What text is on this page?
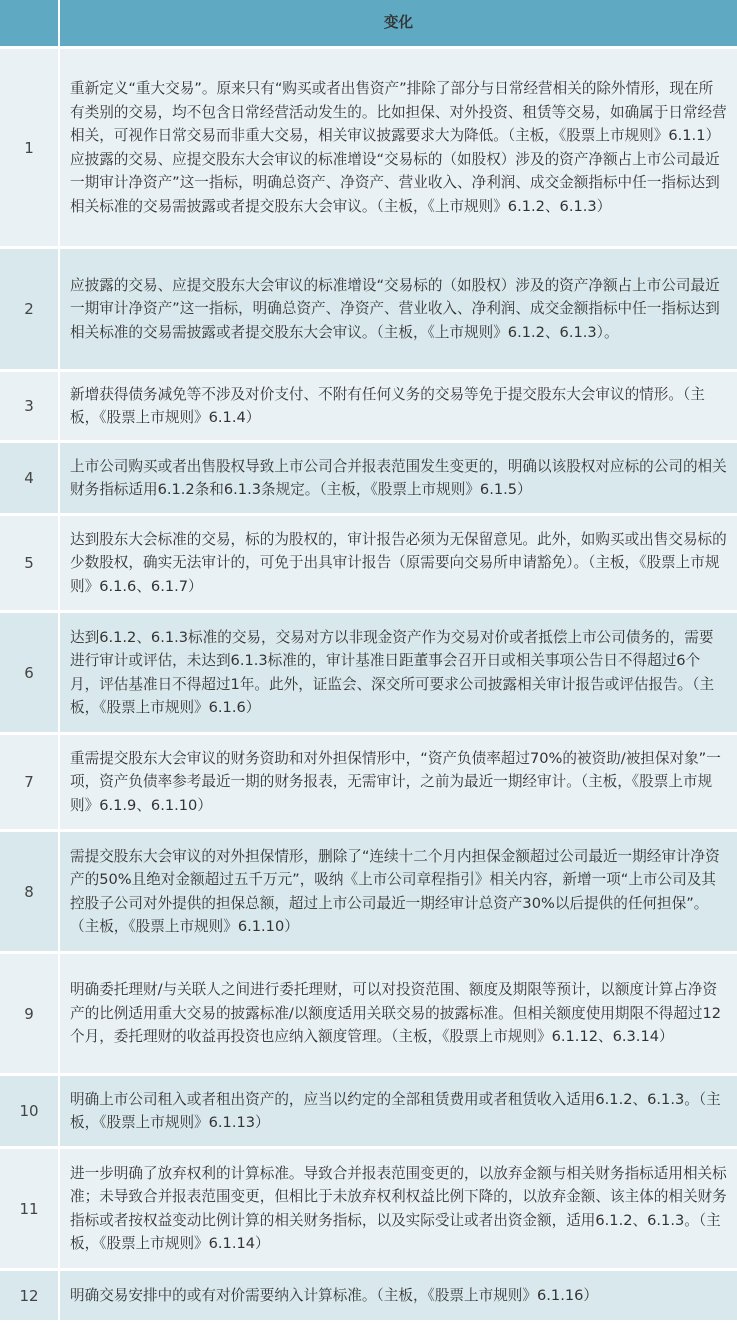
变化
1
重新定义“重大交易”。原来只有“购买或者出售资产”排除了部分与日常经营相关的除外情形，现在所有类别的交易，均不包含日常经营活动发生的。比如担保、对外投资、租赁等交易，如确属于日常经营相关，可视作日常交易而非重大交易，相关审议披露要求大为降低。（主板，《股票上市规则》6.1.1）应披露的交易、应提交股东大会审议的标准增设“交易标的（如股权）涉及的资产净额占上市公司最近一期审计净资产”这一指标，明确总资产、净资产、营业收入、净利润、成交金额指标中任一指标达到相关标准的交易需披露或者提交股东大会审议。（主板，《上市规则》6.1.2、6.1.3）
2
应披露的交易、应提交股东大会审议的标准增设“交易标的（如股权）涉及的资产净额占上市公司最近一期审计净资产”这一指标，明确总资产、净资产、营业收入、净利润、成交金额指标中任一指标达到相关标准的交易需披露或者提交股东大会审议。（主板，《上市规则》6.1.2、6.1.3）。
3
新增获得债务减免等不涉及对价支付、不附有任何义务的交易等免于提交股东大会审议的情形。（主板，《股票上市规则》6.1.4）
4
上市公司购买或者出售股权导致上市公司合并报表范围发生变更的，明确以该股权对应标的公司的相关财务指标适用6.1.2条和6.1.3条规定。（主板，《股票上市规则》6.1.5）
5
达到股东大会标准的交易，标的为股权的，审计报告必须为无保留意见。此外，如购买或出售交易标的少数股权，确实无法审计的，可免于出具审计报告（原需要向交易所申请豁免）。（主板，《股票上市规则》6.1.6、6.1.7）
6
达到6.1.2、6.1.3标准的交易，交易对方以非现金资产作为交易对价或者抵偿上市公司债务的，需要进行审计或评估，未达到6.1.3标准的，审计基准日距董事会召开日或相关事项公告日不得超过6个月，评估基准日不得超过1年。此外，证监会、深交所可要求公司披露相关审计报告或评估报告。（主板，《股票上市规则》6.1.6）
7
重需提交股东大会审议的财务资助和对外担保情形中，“资产负债率超过70%的被资助/被担保对象”一项，资产负债率参考最近一期的财务报表，无需审计，之前为最近一期经审计。（主板，《股票上市规则》6.1.9、6.1.10）
8
需提交股东大会审议的对外担保情形，删除了“连续十二个月内担保金额超过公司最近一期经审计净资产的50%且绝对金额超过五千万元”，吸纳《上市公司章程指引》相关内容，新增一项“上市公司及其控股子公司对外提供的担保总额，超过上市公司最近一期经审计总资产30%以后提供的任何担保”。（主板，《股票上市规则》6.1.10）
9
明确委托理财/与关联人之间进行委托理财，可以对投资范围、额度及期限等预计，以额度计算占净资产的比例适用重大交易的披露标准/以额度适用关联交易的披露标准。但相关额度使用期限不得超过12个月，委托理财的收益再投资也应纳入额度管理。（主板，《股票上市规则》6.1.12、6.3.14）
10
明确上市公司租入或者租出资产的，应当以约定的全部租赁费用或者租赁收入适用6.1.2、6.1.3。（主板，《股票上市规则》6.1.13）
11
进一步明确了放弃权利的计算标准。导致合并报表范围变更的，以放弃金额与相关财务指标适用相关标准；未导致合并报表范围变更，但相比于未放弃权利权益比例下降的，以放弃金额、该主体的相关财务指标或者按权益变动比例计算的相关财务指标，以及实际受让或者出资金额，适用6.1.2、6.1.3。（主板，《股票上市规则》6.1.14）
12	明确交易安排中的或有对价需要纳入计算标准。（主板，《股票上市规则》6.1.16）
